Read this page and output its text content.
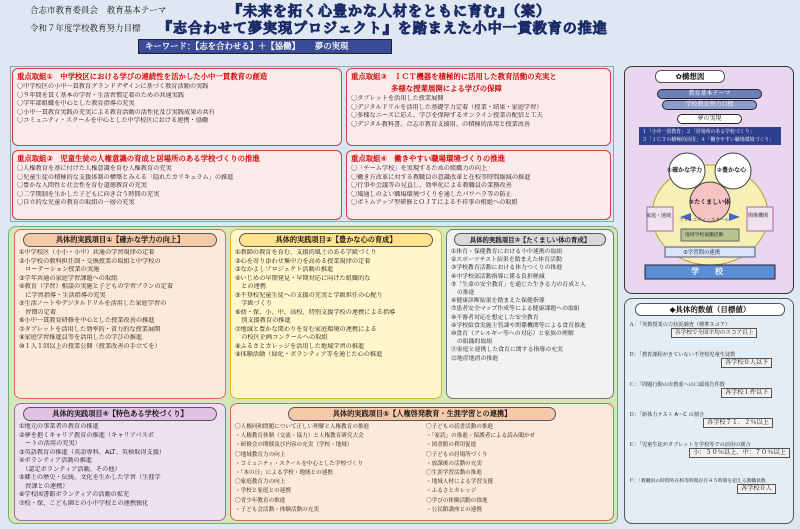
合志市教育委員会 教育基本テーマ	『未来を拓く心豊かな人材をともに育む』（案）
令和７年度学校教育努力目標 『志合わせて夢実現プロジェクト』を踏まえた小中一貫教育の推進
キーワード：【志を合わせる】＋【協働】 夢の実現
重点取組①　中学校区における学びの連続性を活かした小中一貫教育の創造
〇中学校区の小中一貫教育グランドデザインに基づく教育活動の実践
〇９年間を貫く基本の学習・生活習慣定着のための共通実践
〇学年部組織を中心とした教育指導の充実
〇小中一貫教育実践の充実による教育活動の活性化及び実践成果の共有
〇コミュニティ・スクールを中心とした中学校区における連携・協働
重点取組③　ＩＣＴ機器を積極的に活用した教育活動の充実と
多様な授業展開による学びの保障
〇タブレットを活用した授業展開
〇デジタルドリルを活用した基礎学力定着（授業・結果・家庭学習）
〇多様なニーズに応え、学びを保障するオンライン授業の配信と工夫
〇デジタル教科書、合志市教育支援用、の積極的活用と授業改善
重点取組②　児童生徒の人権意識の育成と居場所のある学校づくりの推進
〇人権教育を基に付けた人権意識を育む人権教育の充実
〇児童生徒の積極的な支援体制の構築とみえる「隠れたカリキュラム」の推進
〇豊かな人間性と社会性を育む道徳教育の充実
〇二学期制を生かした子どもに向き合う時間の充実
〇自立的な児童の教育の取組の一層の充実
重点取組④　働きやすい職場環境づくりの推進
〇「チーム学校」を実現するための組織力の向上
〇働き方改革に対する教職員の意識改革と在校等時間縮減の推進
〇行事や会議等の見直し、効率化による教職員の業務改善
〇風通しのよい職場環境づくりを通したパワハラ等の防止
〇ボトムアップ型研修とＯＪＴによる不祥事の根絶への取組
具体的実践項目①【確かな学力の向上】
①中学校区（小小・小中）共通の学習規律の定着
②小学校の教科担任制・交換授業の取組と中学校の
　ローテーション授業の実施
③学年共通の家庭学習課題への取組
④教育（学習）相談の実施と子どもの学習プランの定着
　に学習指導・生活指導の充実
⑤生活ノートやデジタルドリルを活用した家庭学習の
　習慣の定着
⑥小中一貫教育研修を中心とした授業改善の推進
⑦タブレットを活用した効率的・省力的な授業展開
⑧家庭学習推進員等を活用したの学びの推進
⑩１人１回以上の授業公開（授業改善の手立てを）
具体的実践項目②【豊かな心の育成】
①教師の教育を育む、支援的風土のある学級づくり
②心を寄り添わせ集中力を高める授業規律の定着
③なかよしプロジェクト活動の推進
④いじめの早期発見・早期対応に向けた組織的な
　との連携
⑤不登校児童生徒への支援の充実と学級担任の心配り
　学級づくり
⑥幼・保、小、中、高校、特別支援学校の連携による指導
　別支援教育の推進
⑦地域と豊かな関わりを育む家庭環境の連携による
　の校区企画コンクールへの取組
⑧ふるさとカレッジを活用した地域学習の推進
⑨体験活動（緑化・ボランティア等を通じた心の推進
具体的実践項目③【たくましい体の育成】
①体育・保健教育における小中連携の取組
②スポーツテスト結果を踏まえた体育活動
③学校教育活動における体力つくりの推進
④中学校部活動指導に係る負担軽減
⑤「生命の安全教育」を通じた生きる力の育成と人
　の推進
⑥健康診断結果を踏まえた保健指導
⑦患者安全マップ作成等による健康課題への取組
⑧不審者対応を想定した安全教育
⑨学校給食実施主管課や関係機関等による食育推進
⑩食育（アレルギー等への対応）と家族の理解
　の組織的取組
⑪家庭と連携した食育に関する指導の充実
⑫地産地消の推進
具体的実践項目④【特色ある学校づくり】
①地元の事業者の教育の推進
②夢を抱くキャリア教育の推進（キャリアパスポ
　ートの活用の充実）
③英語教育の推進（英語専科、ALT、英検取得支援）
④ボランティア活動の推進
　（認定ボランティア活動、その他）
⑤郷土の歴史・伝統、文化を生かした学習（生涯学
　習課との連携）
⑥学校図書館ボランティアの活動の拡充
⑦校・保、こども園との小中学校との連携強化
具体的実践項目⑤【人権啓発教育・生涯学習との連携】
〇人権同和問題について正しい理解と人権教育の推進
・人権教育体制（交流・協力）と人権教育研究大会
・研修会の開催及び内容の充実（学校・地域）
〇地域教育力の向上
・コミュニティ・スクールを中心とした学校づくり
・「本の日」による学校・地域との連携
〇家庭教育力の向上
・学校と家庭との連携
〇青少年教育の推進
・子ども会活動・体験活動の充実
〇子どもの読書活動の推進
・「家読」の推進・保護者による読み聞かせ
・図書館の利用促進
〇子どもの居場所づくり
・放課後の活動の充実
〇生涯学習活動の推進
・地域人材による学習支援
・ふるさとカレッジ
〇学びの体験活動の推進
・公民館講座との連携
✿構想図
教育基本テーマ
学校教育努力目標
夢の実現
１「小中一貫教育」２「居場所のある学校づくり」
３「ＩＣＴの積極的活用」４「働きやすい職場環境づくり」
①確かな学力 ②豊かな心
③たくましい体
家庭・地域	関係機関
コミュニティ・スクール
地域学校協働活動
②学習間の連携
学　　校
◆具体的数値（目標値）
Ａ：「英数授業の力状況調査（標準スコア）
各学校で全国平均のスコア以上
Ｂ：「教育課程がきていない不登校児童生徒数
各学校０人以下
Ｃ：「問題行動の市教委への口頭報告件数
各学校１件以下
Ｄ：「新体力テスト A～C の割合
各学校７１．２％以上
Ｅ：「児童生徒がタブレットを学校等での活用の割合
小：５０％以上、中：７０％以上
Ｆ：「教職員の時間外在校等時間が月４５時間を超える教職員数
各学校０人
